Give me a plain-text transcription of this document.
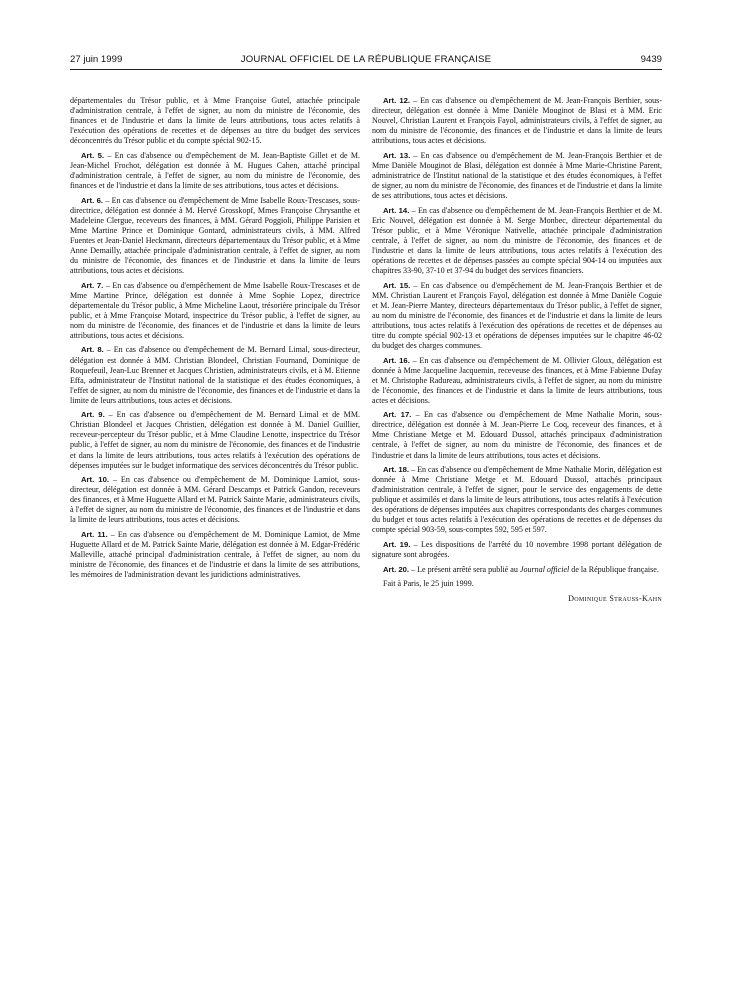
27 juin 1999	JOURNAL OFFICIEL DE LA RÉPUBLIQUE FRANÇAISE	9439

départementales du Trésor public, et à Mme Françoise Gutel, attachée principale d'administration centrale, à l'effet de signer, au nom du ministre de l'économie, des finances et de l'industrie et dans la limite de leurs attributions, tous actes relatifs à l'exécution des opérations de recettes et de dépenses au titre du budget des services déconcentrés du Trésor public et du compte spécial 902-15.

Art. 5. – En cas d'absence ou d'empêchement de M. Jean-Baptiste Gillet et de M. Jean-Michel Frochot, délégation est donnée à M. Hugues Cahen, attaché principal d'administration centrale, à l'effet de signer, au nom du ministre de l'économie, des finances et de l'industrie et dans la limite de ses attributions, tous actes et décisions.

Art. 6. – En cas d'absence ou d'empêchement de Mme Isabelle Roux-Trescases, sous-directrice, délégation est donnée à M. Hervé Grosskopf, Mmes Françoise Chrysanthe et Madeleine Clergue, receveurs des finances, à MM. Gérard Poggioli, Philippe Parisien et Mme Martine Prince et Dominique Gontard, administrateurs civils, à MM. Alfred Fuentes et Jean-Daniel Heckmann, directeurs départementaux du Trésor public, et à Mme Anne Demailly, attachée principale d'administration centrale, à l'effet de signer, au nom du ministre de l'économie, des finances et de l'industrie et dans la limite de leurs attributions, tous actes et décisions.

Art. 7. – En cas d'absence ou d'empêchement de Mme Isabelle Roux-Trescases et de Mme Martine Prince, délégation est donnée à Mme Sophie Lopez, directrice départementale du Trésor public, à Mme Micheline Laout, trésorière principale du Trésor public, et à Mme Françoise Motard, inspectrice du Trésor public, à l'effet de signer, au nom du ministre de l'économie, des finances et de l'industrie et dans la limite de leurs attributions, tous actes et décisions.

Art. 8. – En cas d'absence ou d'empêchement de M. Bernard Limal, sous-directeur, délégation est donnée à MM. Christian Blondeel, Christian Fournand, Dominique de Roquefeuil, Jean-Luc Brenner et Jacques Christien, administrateurs civils, et à M. Etienne Effa, administrateur de l'Institut national de la statistique et des études économiques, à l'effet de signer, au nom du ministre de l'économie, des finances et de l'industrie et dans la limite de leurs attributions, tous actes et décisions.

Art. 9. – En cas d'absence ou d'empêchement de M. Bernard Limal et de MM. Christian Blondeel et Jacques Christien, délégation est donnée à M. Daniel Guillier, receveur-percepteur du Trésor public, et à Mme Claudine Lenotte, inspectrice du Trésor public, à l'effet de signer, au nom du ministre de l'économie, des finances et de l'industrie et dans la limite de leurs attributions, tous actes relatifs à l'exécution des opérations de dépenses imputées sur le budget informatique des services déconcentrés du Trésor public.

Art. 10. – En cas d'absence ou d'empêchement de M. Dominique Lamiot, sous-directeur, délégation est donnée à MM. Gérard Descamps et Patrick Gandon, receveurs des finances, et à Mme Huguette Allard et M. Patrick Sainte Marie, administrateurs civils, à l'effet de signer, au nom du ministre de l'économie, des finances et de l'industrie et dans la limite de leurs attributions, tous actes et décisions.

Art. 11. – En cas d'absence ou d'empêchement de M. Dominique Lamiot, de Mme Huguette Allard et de M. Patrick Sainte Marie, délégation est donnée à M. Edgar-Frédéric Malleville, attaché principal d'administration centrale, à l'effet de signer, au nom du ministre de l'économie, des finances et de l'industrie et dans la limite de ses attributions, les mémoires de l'administration devant les juridictions administratives.

Art. 12. – En cas d'absence ou d'empêchement de M. Jean-François Berthier, sous-directeur, délégation est donnée à Mme Danièle Mouginot de Blasi et à MM. Eric Nouvel, Christian Laurent et François Fayol, administrateurs civils, à l'effet de signer, au nom du ministre de l'économie, des finances et de l'industrie et dans la limite de leurs attributions, tous actes et décisions.

Art. 13. – En cas d'absence ou d'empêchement de M. Jean-François Berthier et de Mme Danièle Mouginot de Blasi, délégation est donnée à Mme Marie-Christine Parent, administratrice de l'Institut national de la statistique et des études économiques, à l'effet de signer, au nom du ministre de l'économie, des finances et de l'industrie et dans la limite de ses attributions, tous actes et décisions.

Art. 14. – En cas d'absence ou d'empêchement de M. Jean-François Berthier et de M. Eric Nouvel, délégation est donnée à M. Serge Monbec, directeur départemental du Trésor public, et à Mme Véronique Nativelle, attachée principale d'administration centrale, à l'effet de signer, au nom du ministre de l'économie, des finances et de l'industrie et dans la limite de leurs attributions, tous actes relatifs à l'exécution des opérations de recettes et de dépenses passées au compte spécial 904-14 ou imputées aux chapitres 33-90, 37-10 et 37-94 du budget des services financiers.

Art. 15. – En cas d'absence ou d'empêchement de M. Jean-François Berthier et de MM. Christian Laurent et François Fayol, délégation est donnée à Mme Danièle Coguie et M. Jean-Pierre Mantey, directeurs départementaux du Trésor public, à l'effet de signer, au nom du ministre de l'économie, des finances et de l'industrie et dans la limite de leurs attributions, tous actes relatifs à l'exécution des opérations de recettes et de dépenses au titre du compte spécial 902-13 et opérations de dépenses imputées sur le chapitre 46-02 du budget des charges communes.

Art. 16. – En cas d'absence ou d'empêchement de M. Ollivier Gloux, délégation est donnée à Mme Jacqueline Jacquemin, receveuse des finances, et à Mme Fabienne Dufay et M. Christophe Radureau, administrateurs civils, à l'effet de signer, au nom du ministre de l'économie, des finances et de l'industrie et dans la limite de leurs attributions, tous actes et décisions.

Art. 17. – En cas d'absence ou d'empêchement de Mme Nathalie Morin, sous-directrice, délégation est donnée à M. Jean-Pierre Le Coq, receveur des finances, et à Mme Christiane Metge et M. Edouard Dussol, attachés principaux d'administration centrale, à l'effet de signer, au nom du ministre de l'économie, des finances et de l'industrie et dans la limite de leurs attributions, tous actes et décisions.

Art. 18. – En cas d'absence ou d'empêchement de Mme Nathalie Morin, délégation est donnée à Mme Christiane Metge et M. Edouard Dussol, attachés principaux d'administration centrale, à l'effet de signer, pour le service des engagements de dette publique et assimilés et dans la limite de leurs attributions, tous actes relatifs à l'exécution des opérations de dépenses imputées aux chapitres correspondants des charges communes du budget et tous actes relatifs à l'exécution des opérations de recettes et de dépenses du compte spécial 903-59, sous-comptes 592, 595 et 597.

Art. 19. – Les dispositions de l'arrêté du 10 novembre 1998 portant délégation de signature sont abrogées.

Art. 20. – Le présent arrêté sera publié au Journal officiel de la République française.

Fait à Paris, le 25 juin 1999.
Dominique Strauss-Kahn
